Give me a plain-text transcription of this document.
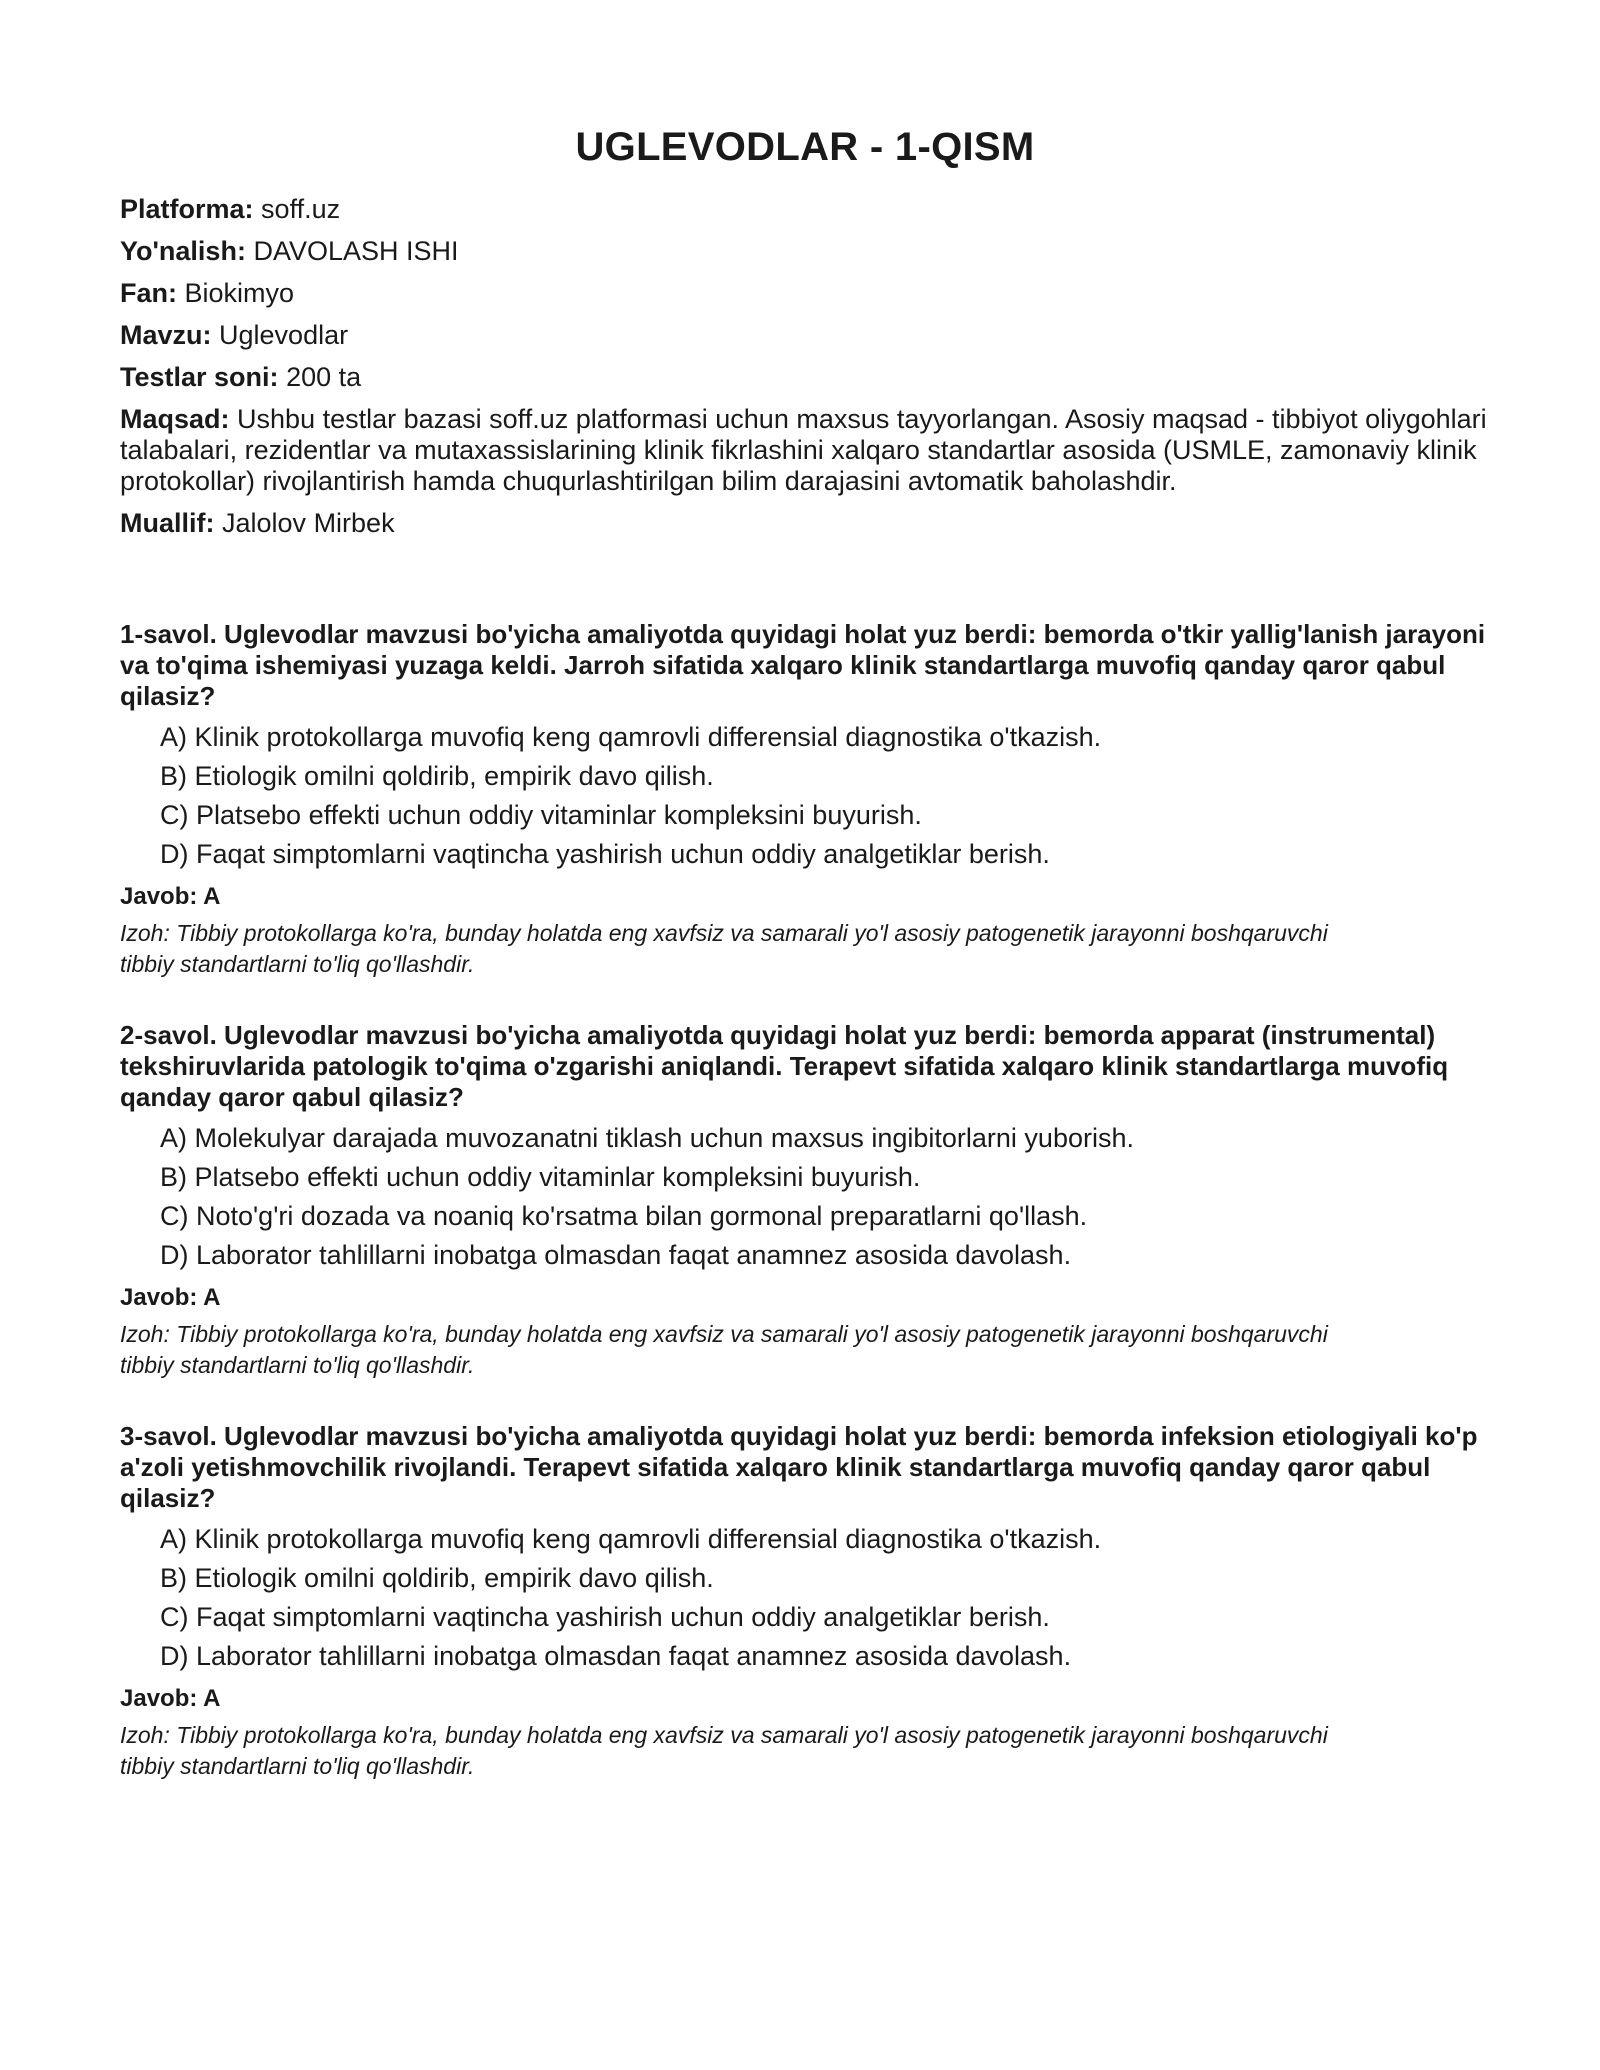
UGLEVODLAR - 1-QISM
Platforma: soff.uz
Yo'nalish: DAVOLASH ISHI
Fan: Biokimyo
Mavzu: Uglevodlar
Testlar soni: 200 ta
Maqsad: Ushbu testlar bazasi soff.uz platformasi uchun maxsus tayyorlangan. Asosiy maqsad - tibbiyot oliygohlari talabalari, rezidentlar va mutaxassislarining klinik fikrlashini xalqaro standartlar asosida (USMLE, zamonaviy klinik protokollar) rivojlantirish hamda chuqurlashtirilgan bilim darajasini avtomatik baholashdir.
Muallif: Jalolov Mirbek

1-savol. Uglevodlar mavzusi bo'yicha amaliyotda quyidagi holat yuz berdi: bemorda o'tkir yallig'lanish jarayoni va to'qima ishemiyasi yuzaga keldi. Jarroh sifatida xalqaro klinik standartlarga muvofiq qanday qaror qabul qilasiz?

A) Klinik protokollarga muvofiq keng qamrovli differensial diagnostika o'tkazish.
B) Etiologik omilni qoldirib, empirik davo qilish.
C) Platsebo effekti uchun oddiy vitaminlar kompleksini buyurish.
D) Faqat simptomlarni vaqtincha yashirish uchun oddiy analgetiklar berish.
Javob: A
Izoh: Tibbiy protokollarga ko'ra, bunday holatda eng xavfsiz va samarali yo'l asosiy patogenetik jarayonni boshqaruvchi tibbiy standartlarni to'liq qo'llashdir.

2-savol. Uglevodlar mavzusi bo'yicha amaliyotda quyidagi holat yuz berdi: bemorda apparat (instrumental) tekshiruvlarida patologik to'qima o'zgarishi aniqlandi. Terapevt sifatida xalqaro klinik standartlarga muvofiq qanday qaror qabul qilasiz?

A) Molekulyar darajada muvozanatni tiklash uchun maxsus ingibitorlarni yuborish.
B) Platsebo effekti uchun oddiy vitaminlar kompleksini buyurish.
C) Noto'g'ri dozada va noaniq ko'rsatma bilan gormonal preparatlarni qo'llash.
D) Laborator tahlillarni inobatga olmasdan faqat anamnez asosida davolash.
Javob: A
Izoh: Tibbiy protokollarga ko'ra, bunday holatda eng xavfsiz va samarali yo'l asosiy patogenetik jarayonni boshqaruvchi tibbiy standartlarni to'liq qo'llashdir.

3-savol. Uglevodlar mavzusi bo'yicha amaliyotda quyidagi holat yuz berdi: bemorda infeksion etiologiyali ko'p a'zoli yetishmovchilik rivojlandi. Terapevt sifatida xalqaro klinik standartlarga muvofiq qanday qaror qabul qilasiz?

A) Klinik protokollarga muvofiq keng qamrovli differensial diagnostika o'tkazish.
B) Etiologik omilni qoldirib, empirik davo qilish.
C) Faqat simptomlarni vaqtincha yashirish uchun oddiy analgetiklar berish.
D) Laborator tahlillarni inobatga olmasdan faqat anamnez asosida davolash.
Javob: A
Izoh: Tibbiy protokollarga ko'ra, bunday holatda eng xavfsiz va samarali yo'l asosiy patogenetik jarayonni boshqaruvchi tibbiy standartlarni to'liq qo'llashdir.
